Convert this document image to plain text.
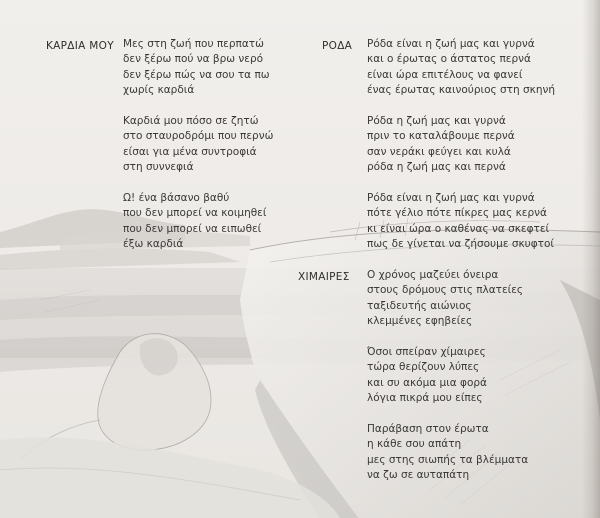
ΚΑΡΔΙΑ ΜΟΥ Μες στη ζωή που περπατώ
δεν ξέρω πού να βρω νερό
δεν ξέρω πώς να σου τα πω
χωρίς καρδιά
Καρδιά μου πόσο σε ζητώ
στο σταυροδρόμι που περνώ
είσαι για μένα συντροφιά
στη συννεφιά
Ω! ένα βάσανο βαθύ
που δεν μπορεί να κοιμηθεί
που δεν μπορεί να ειπωθεί
έξω καρδιά
ΡΟΔΑ Ρόδα είναι η ζωή μας και γυρνά
και ο έρωτας ο άστατος περνά
είναι ώρα επιτέλους να φανεί
ένας έρωτας καινούριος στη σκηνή
Ρόδα η ζωή μας και γυρνά
πριν το καταλάβουμε περνά
σαν νεράκι φεύγει και κυλά
ρόδα η ζωή μας και περνά
Ρόδα είναι η ζωή μας και γυρνά
πότε γέλιο πότε πίκρες μας κερνά
κι είναι ώρα ο καθένας να σκεφτεί
πως δε γίνεται να ζήσουμε σκυφτοί
ΧΙΜΑΙΡΕΣ Ο χρόνος μαζεύει όνειρα
στους δρόμους στις πλατείες
ταξιδευτής αιώνιος
κλεμμένες εφηβείες
Όσοι σπείραν χίμαιρες
τώρα θερίζουν λύπες
και συ ακόμα μια φορά
λόγια πικρά μου είπες
Παράβαση στον έρωτα
η κάθε σου απάτη
μες στης σιωπής τα βλέμματα
να ζω σε αυταπάτη
